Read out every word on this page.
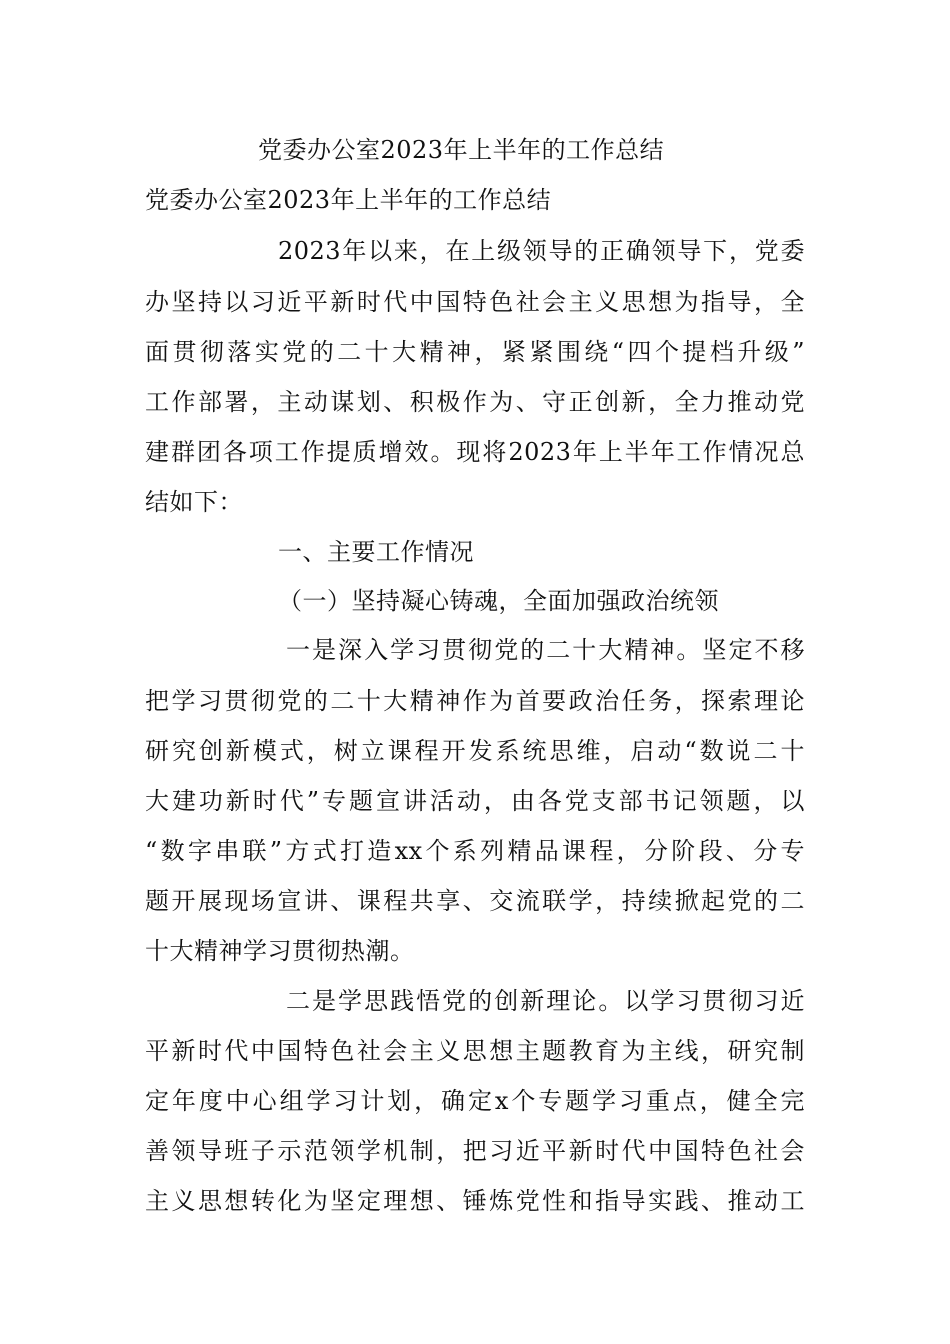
党委办公室2023年上半年的工作总结
党委办公室2023年上半年的工作总结
2023年以来，在上级领导的正确领导下，党委
办坚持以习近平新时代中国特色社会主义思想为指导，全
面贯彻落实党的二十大精神，紧紧围绕“四个提档升级”
工作部署，主动谋划、积极作为、守正创新，全力推动党
建群团各项工作提质增效。现将2023年上半年工作情况总
结如下：
一、主要工作情况
（一）坚持凝心铸魂，全面加强政治统领
一是深入学习贯彻党的二十大精神。坚定不移
把学习贯彻党的二十大精神作为首要政治任务，探索理论
研究创新模式，树立课程开发系统思维，启动“数说二十
大建功新时代”专题宣讲活动，由各党支部书记领题，以
“数字串联”方式打造xx个系列精品课程，分阶段、分专
题开展现场宣讲、课程共享、交流联学，持续掀起党的二
十大精神学习贯彻热潮。
二是学思践悟党的创新理论。以学习贯彻习近
平新时代中国特色社会主义思想主题教育为主线，研究制
定年度中心组学习计划，确定x个专题学习重点，健全完
善领导班子示范领学机制，把习近平新时代中国特色社会
主义思想转化为坚定理想、锤炼党性和指导实践、推动工
